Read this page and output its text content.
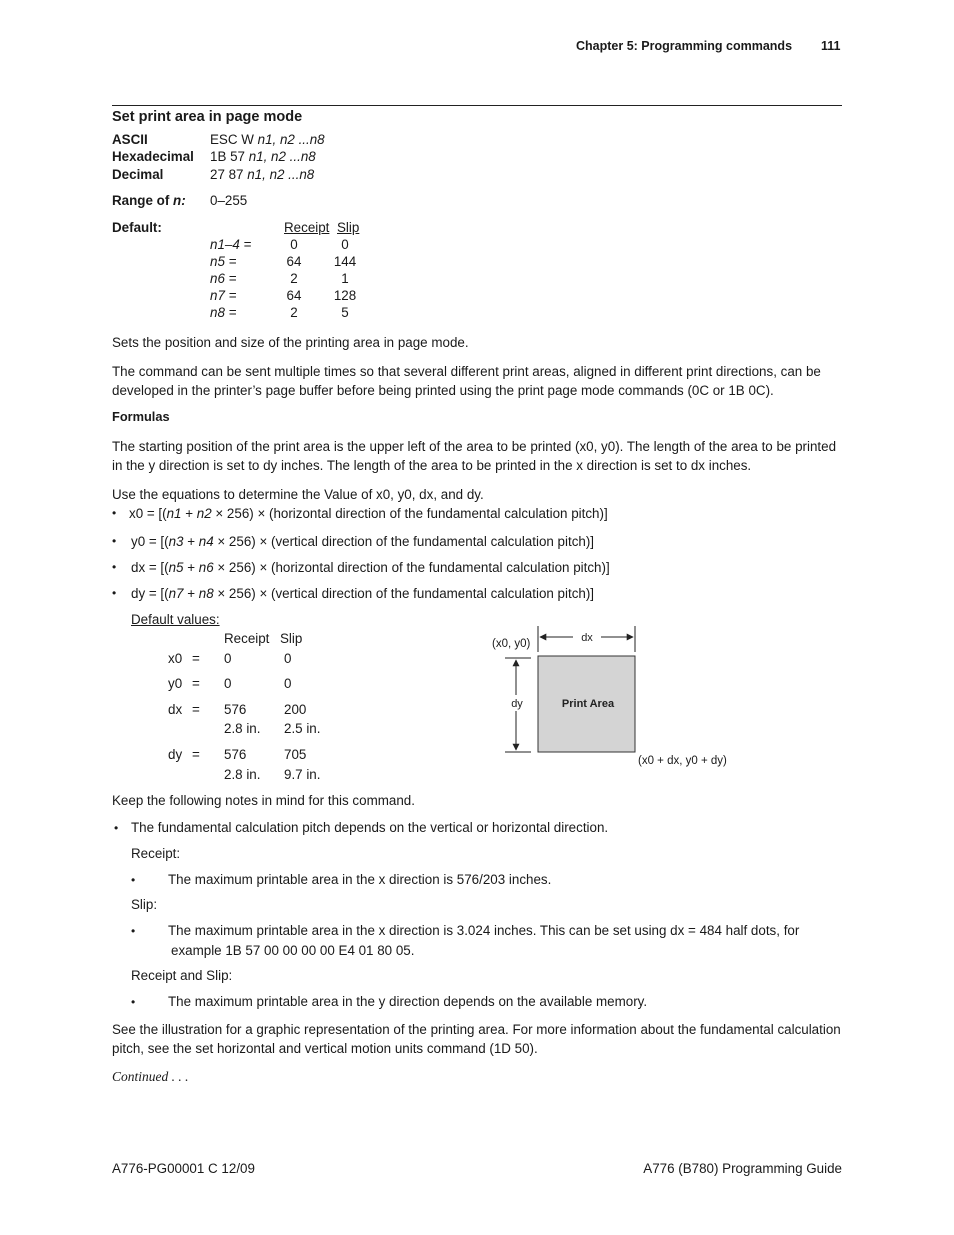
Chapter 5: Programming commands 111
Set print area in page mode
ASCII	ESC W n1, n2 ...n8
Hexadecimal 1B 57 n1, n2 ...n8
Decimal	27 87 n1, n2 ...n8
Range of n: 0–255
Default:	Receipt Slip
n1–4 =	0	0
n5 =	64	144
n6 =	2	1
n7 =	64	128
n8 =	2	5
Sets the position and size of the printing area in page mode.
The command can be sent multiple times so that several different print areas, aligned in different print directions, can be developed in the printer’s page buffer before being printed using the print page mode commands (0C or 1B 0C).
Formulas
The starting position of the print area is the upper left of the area to be printed (x0, y0). The length of the area to be printed in the y direction is set to dy inches. The length of the area to be printed in the x direction is set to dx inches.
Use the equations to determine the Value of x0, y0, dx, and dy.
• x0 = [(n1 + n2 × 256) × (horizontal direction of the fundamental calculation pitch)]
• y0 = [(n3 + n4 × 256) × (vertical direction of the fundamental calculation pitch)]
• dx = [(n5 + n6 × 256) × (horizontal direction of the fundamental calculation pitch)]
• dy = [(n7 + n8 × 256) × (vertical direction of the fundamental calculation pitch)]
Default values:
Receipt Slip
x0 = 0	0
y0 = 0	0
dx = 576	200
2.8 in. 2.5 in.
dy = 576	705
2.8 in. 9.7 in.
dx
dy	Print Area
(x0, y0)
(x0 + dx, y0 + dy)
Keep the following notes in mind for this command.
• The fundamental calculation pitch depends on the vertical or horizontal direction.
Receipt:
• The maximum printable area in the x direction is 576/203 inches.
Slip:
• The maximum printable area in the x direction is 3.024 inches. This can be set using dx = 484 half dots, for
example 1B 57 00 00 00 00 E4 01 80 05.
Receipt and Slip:
• The maximum printable area in the y direction depends on the available memory.
See the illustration for a graphic representation of the printing area. For more information about the fundamental calculation pitch, see the set horizontal and vertical motion units command (1D 50).
Continued . . .
A776-PG00001 C 12/09	A776 (B780) Programming Guide
